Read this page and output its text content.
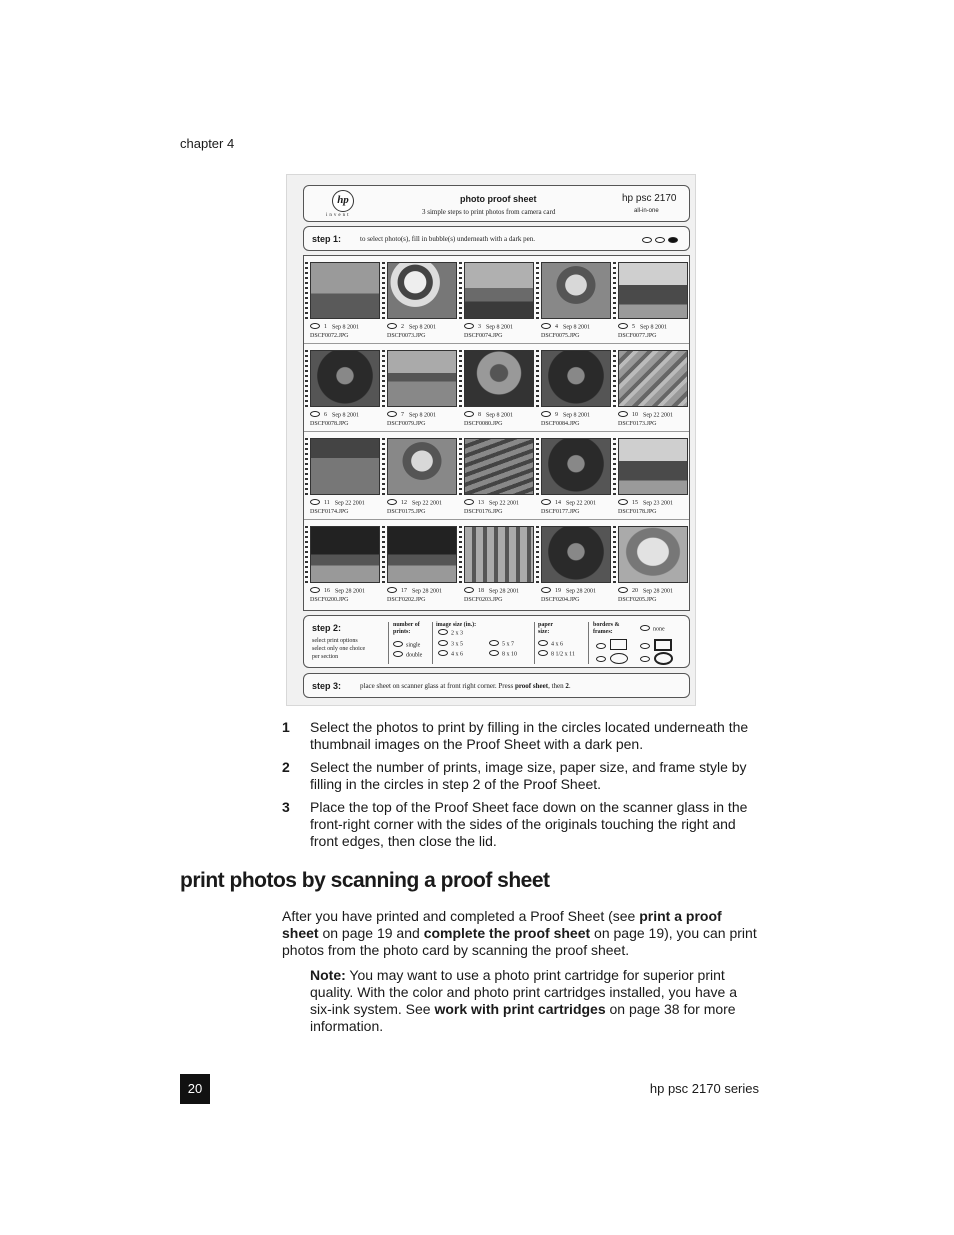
chapter 4
hp
invent
photo proof sheet
3 simple steps to print photos from camera card
hp psc 2170
all-in-one
step 1:	to select photo(s), fill in bubble(s) underneath with a dark pen.
1 Sep 8 2001
DSCF0072.JPG
2 Sep 8 2001
DSCF0073.JPG
3 Sep 8 2001
DSCF0074.JPG
4 Sep 8 2001
DSCF0075.JPG
5 Sep 8 2001
DSCF0077.JPG
6 Sep 8 2001
DSCF0078.JPG
7 Sep 8 2001
DSCF0079.JPG
8 Sep 8 2001
DSCF0080.JPG
9 Sep 8 2001
DSCF0084.JPG
10 Sep 22 2001
DSCF0173.JPG
11 Sep 22 2001
DSCF0174.JPG
12 Sep 22 2001
DSCF0175.JPG
13 Sep 22 2001
DSCF0176.JPG
14 Sep 22 2001
DSCF0177.JPG
15 Sep 23 2001
DSCF0178.JPG
16 Sep 28 2001
DSCF0200.JPG
17 Sep 28 2001
DSCF0202.JPG
18 Sep 28 2001
DSCF0203.JPG
19 Sep 28 2001
DSCF0204.JPG
20 Sep 28 2001
DSCF0205.JPG
step 2:
select print options
select only one choice
per section
number of
prints:
single
double
image size (in.):
2 x 3
3 x 5
4 x 6
5 x 7
8 x 10
paper
size:
4 x 6
8 1/2 x 11
borders &
frames:	none
step 3:	place sheet on scanner glass at front right corner. Press proof sheet, then 2.
1 Select the photos to print by filling in the circles located underneath the thumbnail images on the Proof Sheet with a dark pen.
2 Select the number of prints, image size, paper size, and frame style by filling in the circles in step 2 of the Proof Sheet.
3 Place the top of the Proof Sheet face down on the scanner glass in the front-right corner with the sides of the originals touching the right and front edges, then close the lid.
print photos by scanning a proof sheet
After you have printed and completed a Proof Sheet (see print a proof sheet on page 19 and complete the proof sheet on page 19), you can print photos from the photo card by scanning the proof sheet.
Note: You may want to use a photo print cartridge for superior print quality. With the color and photo print cartridges installed, you have a six-ink system. See work with print cartridges on page 38 for more information.
20	hp psc 2170 series
